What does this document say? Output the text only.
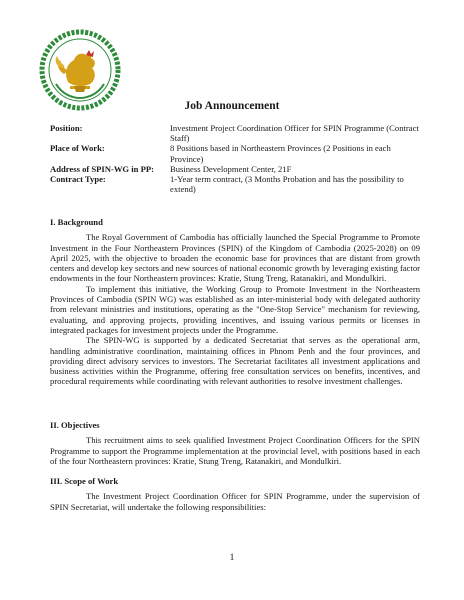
Job Announcement
Position:	Investment Project Coordination Officer for SPIN Programme (Contract Staff)
Place of Work:	8 Positions based in Northeastern Provinces (2 Positions in each Province)
Address of SPIN-WG in PP:	Business Development Center, 21F
Contract Type:	1-Year term contract, (3 Months Probation and has the possibility to extend)
I. Background

The Royal Government of Cambodia has officially launched the Special Programme to Promote Investment in the Four Northeastern Provinces (SPIN) of the Kingdom of Cambodia (2025-2028) on 09 April 2025, with the objective to broaden the economic base for provinces that are distant from growth centers and develop key sectors and new sources of national economic growth by leveraging existing factor endowments in the four Northeastern provinces: Kratie, Stung Treng, Ratanakiri, and Mondulkiri.

To implement this initiative, the Working Group to Promote Investment in the Northeastern Provinces of Cambodia (SPIN WG) was established as an inter-ministerial body with delegated authority from relevant ministries and institutions, operating as the "One-Stop Service" mechanism for reviewing, evaluating, and approving projects, providing incentives, and issuing various permits or licenses in integrated packages for investment projects under the Programme.

The SPIN-WG is supported by a dedicated Secretariat that serves as the operational arm, handling administrative coordination, maintaining offices in Phnom Penh and the four provinces, and providing direct advisory services to investors. The Secretariat facilitates all investment applications and business activities within the Programme, offering free consultation services on benefits, incentives, and procedural requirements while coordinating with relevant authorities to resolve investment challenges.

II. Objectives

This recruitment aims to seek qualified Investment Project Coordination Officers for the SPIN Programme to support the Programme implementation at the provincial level, with positions based in each of the four Northeastern provinces: Kratie, Stung Treng, Ratanakiri, and Mondulkiri.

III. Scope of Work

The Investment Project Coordination Officer for SPIN Programme, under the supervision of SPIN Secretariat, will undertake the following responsibilities:

1
